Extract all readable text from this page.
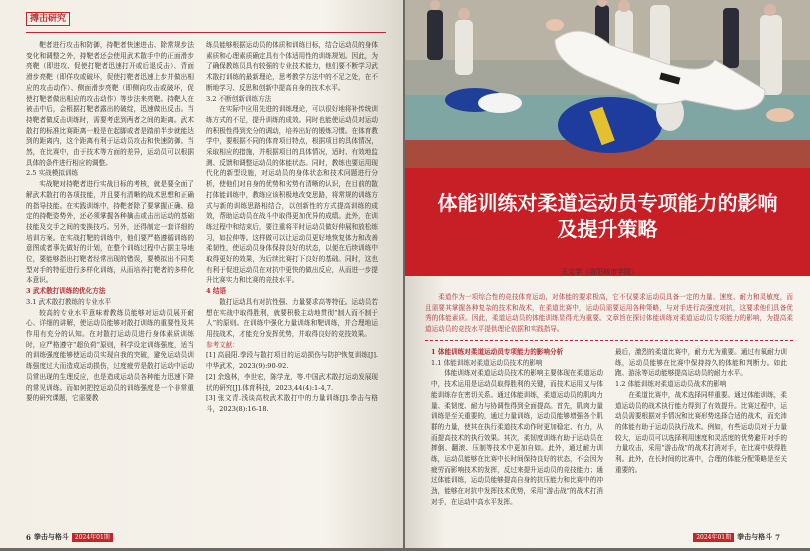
搏击研究

靶者进行攻击和防御，持靶者快速进击、除常规步法变化和调整之外，持靶者还会使用武术散手中的正面滑步亮靶（即进攻、促使打靶者迅速打开或后退反击）、背面滑步亮靶（即佯攻或破坏，促使打靶者迅速上步并做出相应的攻击动作）、侧面滑步亮靶（即侧向攻击或破坏，促使打靶者做出相应的攻击动作）等步法来亮靶。持靶人在被击中后，会根据打靶者露出的破绽，迅速做出反击。当持靶者做反击训练时，需要考虑到两者之间的距离。武术散打的标准比赛距离一般是在起脚或者是踏前半步就能达到的距离内，这个距离有利于运动员攻击和快速防御。当然，在比赛中，由于技术等方面的差异，运动员可以根据具体的条件进行相应的调整。

2.5 实战模拟训练

实战靶对持靶者进行实战目标的考核，就是要全面了解武术散打的各项技能，并且要有清晰的战术思想和正确的指导技能。在实践训练中，持靶者除了要掌握正确、稳定的持靶姿势外，还必须掌握各种擒击或击出运动的基础技能及交手之间的变换技巧。另外，还得制定一套详细的培训方案。在实战打靶的训练中，他们要严格遵循训练的意图或者事先做好的计划，在整个训练过程中占据主导地位，要能够指出打靶者经常出现的错误，要模拟出不同类型对手的特征进行多样化训练，从而培养打靶者的多样化本意识。

3 武术散打训练的优化方法

3.1 武术散打教练的专业水平

较高的专业水平意味着教练员能够对运动员展开耐心、详细的讲解，使运动员能够对散打训练的重要性及其作用有充分的认知。在对散打运动员进行身体素质训练时，应严格遵守“超负荷”原则，科学设定训练强度，适当的训练强度能够使运动员实现自我的突破，避免运动员训练强度过大而造成运动损伤，过度疲劳是散打运动中运动员常出现的生理反应，也是造成运动员各种能力迅速下降的常见训练。而如何把控运动员的训练强度是一个非常重要的研究课题，它需要教

练员能够根据运动员的体质和训练目标，结合运动员的身体素质和心理素质确定具有个体适用性的训练规划。因此，为了确保教练员具有较强的专业技术能力，他们要不断学习武术散打训练的最新理论，思考教学方法中的不足之处，在不断地学习、反思和创新中提高自身的技术水平。

3.2 不断创新训练方法

在实际中应用先进的训练理论，可以很好地将补传统训练方式的不足，提升训练的成效。同时也能使运动员对运动的积极性得到充分的调动，培养出好的锻炼习惯。在体育教学中，要根据不同的体育项目特点，根据项目的具体情况，采取相应的措施，并根据项目的具体情况，适时、有效地监测、反馈和调整运动员的体能状态。同时，教练也要运用现代化的新型设施，对运动员的身体状态和技术问题进行分析，使他们对自身的优势和劣势有清晰的认识，在目前的散打体能训练中，教练应该积极地改变思路，将常规的训练方式与新的训练思路相结合，以创新性的方式提高训练的成效，帮助运动员在战斗中取得更加优异的成绩。此外，在训练过程中和结束后，要注重将平时运动员做好伸展和放松练习，如拉伸等。这样做可以让运动员更好地恢复体力和改善柔韧性，使运动员身体保持良好的状态，以便在后续训练中取得更好的效果，为后续比赛打下良好的基础。同时，这也有利于促进运动员在对抗中更快的做出反应，从而进一步提升比赛实力和比赛的竞技水平。

4 结语

散打运动具有对抗性强、力量要求高等特征。运动员若想在实战中取得胜利，就要积极主动地贯彻“制人而不制于人”的原则。在训练中强化力量训练和靶训练，并合理地运用技战术，才能充分发挥优势，并取得良好的竞技效果。

参考文献：

[1] 高晨阳.拳段与散打项目的运动损伤与防护恢复训练[J].中华武术，2023(9):90-92.

[2] 余逸林，李世宏，陈学龙，等.中国武术散打运动发展现状的研究[J].体育科技，2023,44(4):1-4,7.

[3] 张文青.浅谈高校武术散打中的力量训练[J].拳击与格斗，2023(8):16-18.

6 拳击与格斗	2024年01期
体能训练对柔道运动员专项能力的影响
及提升策略
王文学（洛阳城市学院）

柔道作为一项综合性的竞技体育运动，对体能的要求极高，它不仅要求运动员具备一定的力量、速度、耐力和灵敏度，而且需要其掌握各种复杂的技术和战术，在柔道比赛中，运动员需要运用各种策略，与对手进行高强度对抗，这要求他们具备优秀的体能素质。因此，柔道运动员的体能训练显得尤为重要。文章旨在探讨体能训练对柔道运动员专项能力的影响，为提高柔道运动员的竞技水平提供理论依据和实践指导。

1 体能训练对柔道运动员专项能力的影响分析

1.1 体能训练对柔道运动员技术的影响

体能训练对柔道运动员技术的影响主要体现在柔道运动中，技术运用是运动员取得胜利的关键，而技术运用又与体能训练存在密切关系。通过体能训练，柔道运动员的肌肉力量、柔韧度、耐力与协调性得到全面提高。首先，肌肉力量训练是至关重要的，通过力量训练，运动员能够增强各个肌群的力量，使其在执行柔道技术动作时更加稳定、有力，从而提高技术的执行效果。其次，柔韧度训练有助于运动员在摔倒、翻滚、压制等技术中更加自如。此外，通过耐力训练，运动员能够在比赛中长时间保持良好的状态，不会因为疲劳而影响技术的发挥，反过来提升运动员的竞技能力；通过体能训练，运动员能够提高自身的抗压能力和比赛中的冲劲，能够在对抗中发挥技术优势，采用“游击战”的战术打消对手，在运动中高水平发挥。

最后，激烈的柔道比赛中，耐力尤为重要。通过有氧耐力训练，运动员能够在比赛中保持持久的体能和判断力。如此跑、游泳等运动能够提高运动员的耐力水平。

1.2 体能训练对柔道运动员战术的影响

在柔道比赛中，战术选择同样重要。通过体能训练，柔道运动员的战术执行能力得到了有效提升。比赛过程中，运动员需要根据对手情况和比赛形势选择合适的战术，而充沛的体能有助于运动员执行战术。例如，有些运动员对于力量较大，运动员可以选择利用速度和灵活度的优势避开对手的力量攻击，采用“游击战”的战术打消对手，在比赛中获得胜利。此外，在长时间的比赛中，合理的体能分配策略是至关重要的。

2024年01期 拳击与格斗 7
